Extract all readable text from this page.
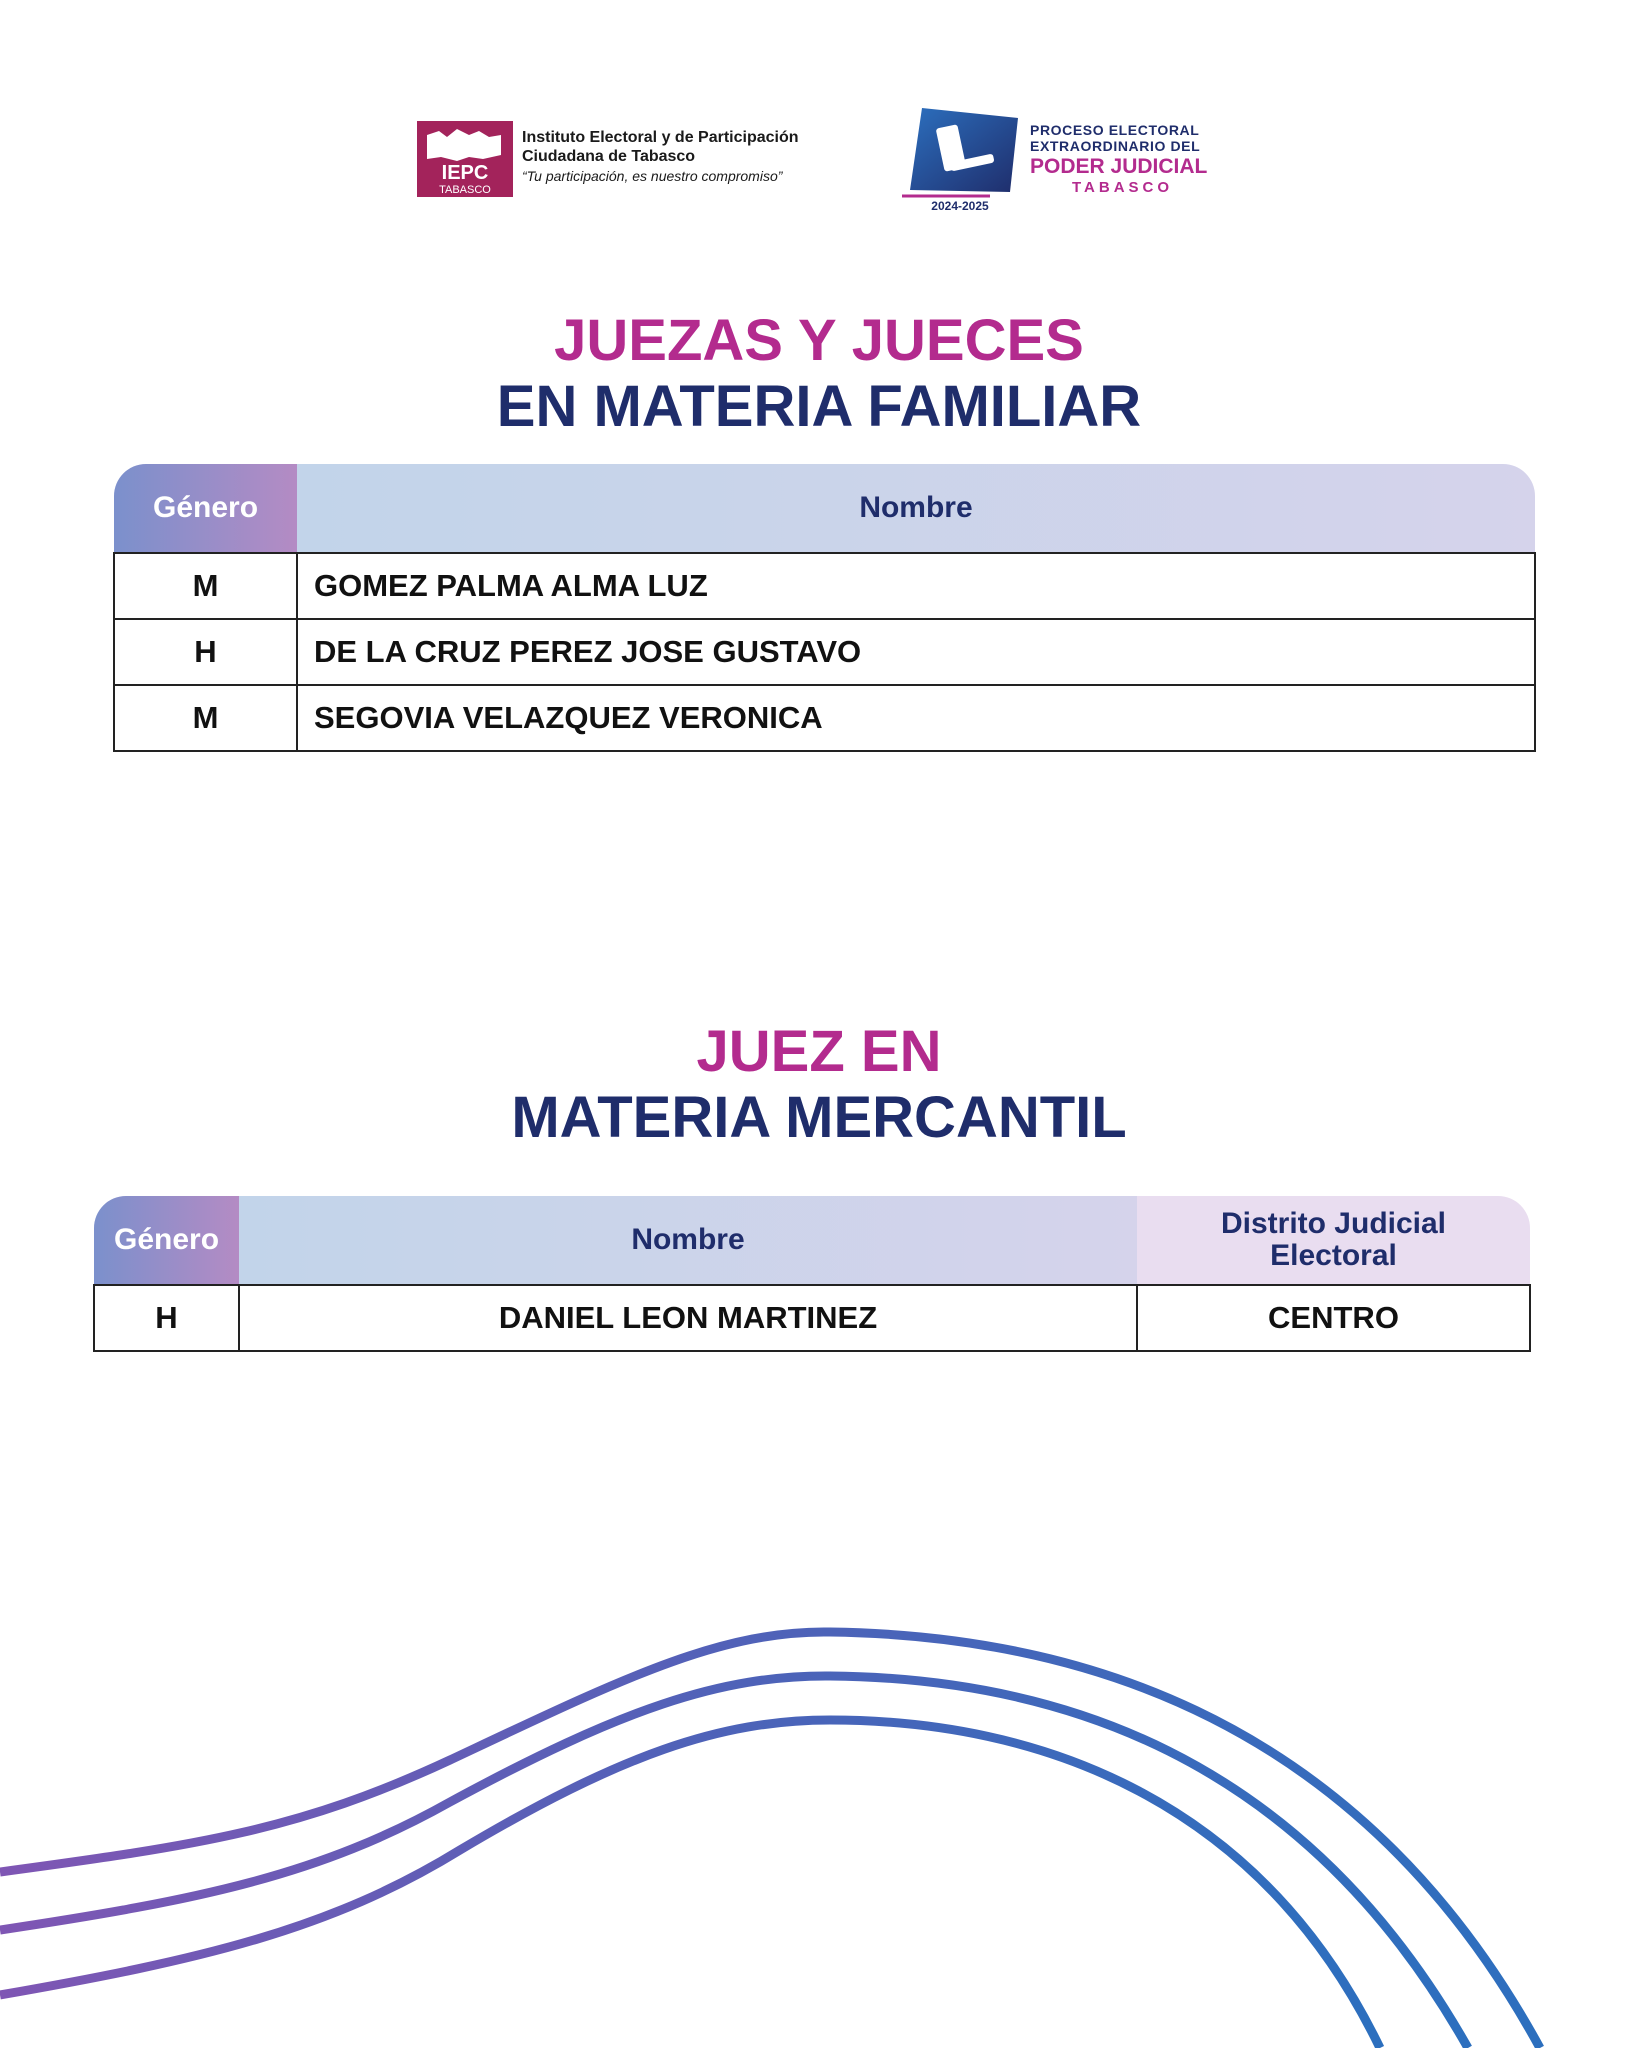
IEPC
TABASCO
Instituto Electoral y de Participación
Ciudadana de Tabasco
“Tu participación, es nuestro compromiso”
2024-2025
PROCESO ELECTORAL
EXTRAORDINARIO DEL
PODER JUDICIAL
TABASCO
JUEZAS Y JUECES
EN MATERIA FAMILIAR
Género	Nombre
M	GOMEZ PALMA ALMA LUZ
H	DE LA CRUZ PEREZ JOSE GUSTAVO
M	SEGOVIA VELAZQUEZ VERONICA
JUEZ EN
MATERIA MERCANTIL
Género	Nombre	Distrito Judicial
Electoral

H	DANIEL LEON MARTINEZ	CENTRO
